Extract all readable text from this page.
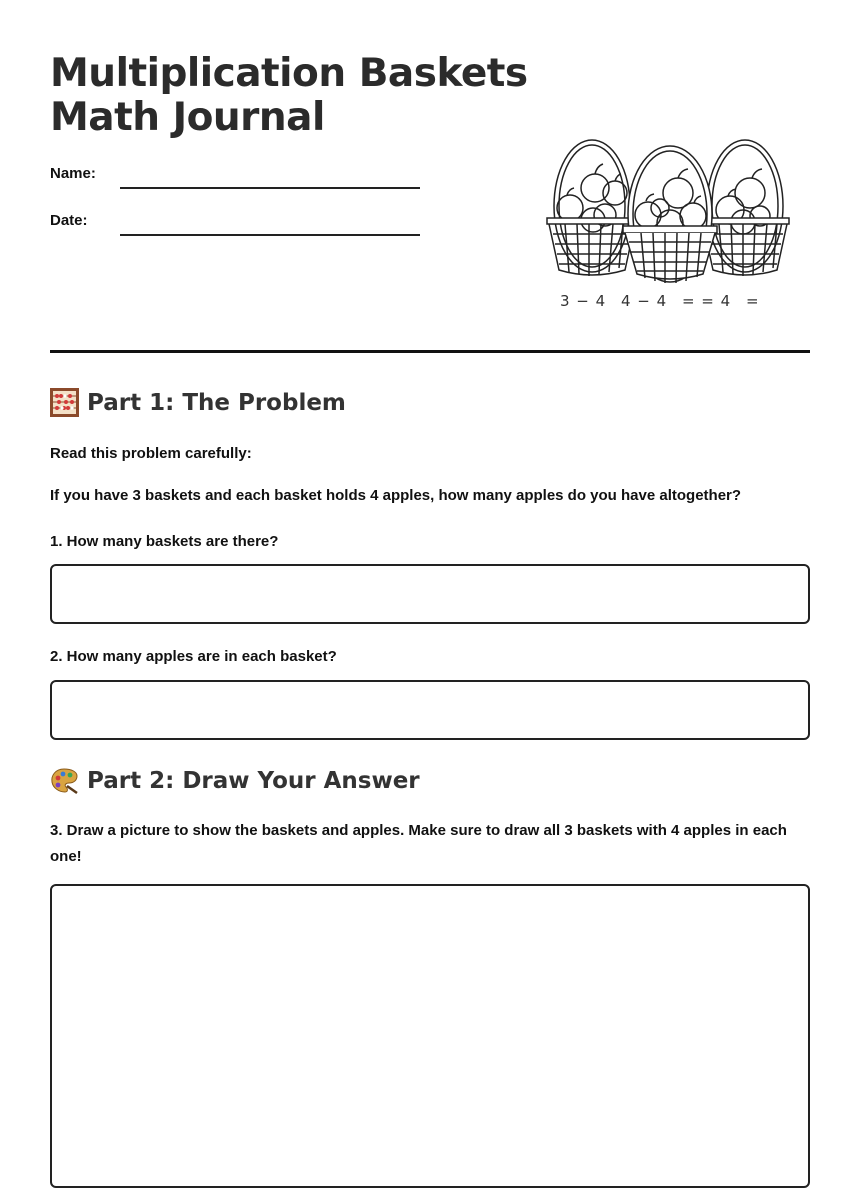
Multiplication Baskets
Math Journal
Name:
Date:
3 − 4 4 − 4 = = 4 =
Part 1: The Problem
Read this problem carefully:
If you have 3 baskets and each basket holds 4 apples, how many apples do you have altogether?
1. How many baskets are there?
2. How many apples are in each basket?
Part 2: Draw Your Answer
3. Draw a picture to show the baskets and apples. Make sure to draw all 3 baskets with 4 apples in each one!
